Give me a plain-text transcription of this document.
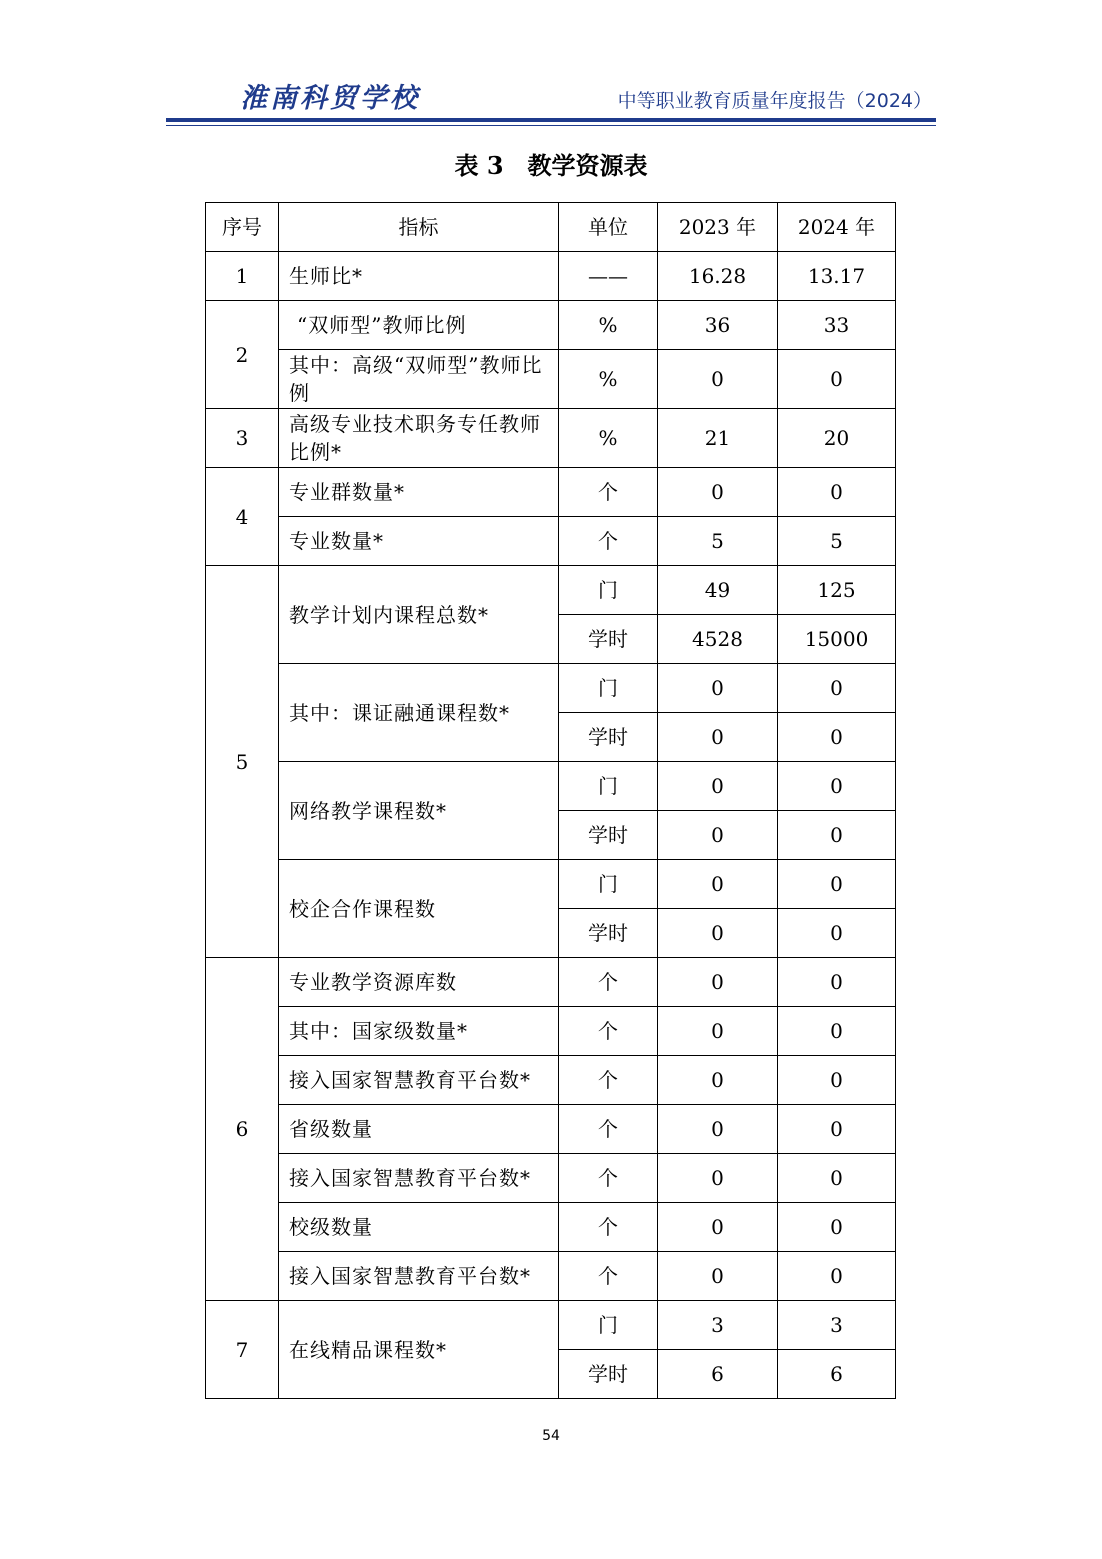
淮南科贸学校	中等职业教育质量年度报告（2024）
表 3　教学资源表
序号	指标	单位	2023 年	2024 年
1	生师比*	——	16.28	13.17
2	“双师型”教师比例	%	36	33
	其中：高级“双师型”教师比例	%	0	0
3	高级专业技术职务专任教师比例*	%	21	20
4	专业群数量*	个	0	0
	专业数量*	个	5	5
5	教学计划内课程总数*	门	49	125
		学时	4528	15000
	其中：课证融通课程数*	门	0	0
		学时	0	0
	网络教学课程数*	门	0	0
		学时	0	0
	校企合作课程数	门	0	0
		学时	0	0
6	专业教学资源库数	个	0	0
	其中：国家级数量*	个	0	0
	接入国家智慧教育平台数*	个	0	0
	省级数量	个	0	0
	接入国家智慧教育平台数*	个	0	0
	校级数量	个	0	0
	接入国家智慧教育平台数*	个	0	0
7	在线精品课程数*	门	3	3
		学时	6	6
54
